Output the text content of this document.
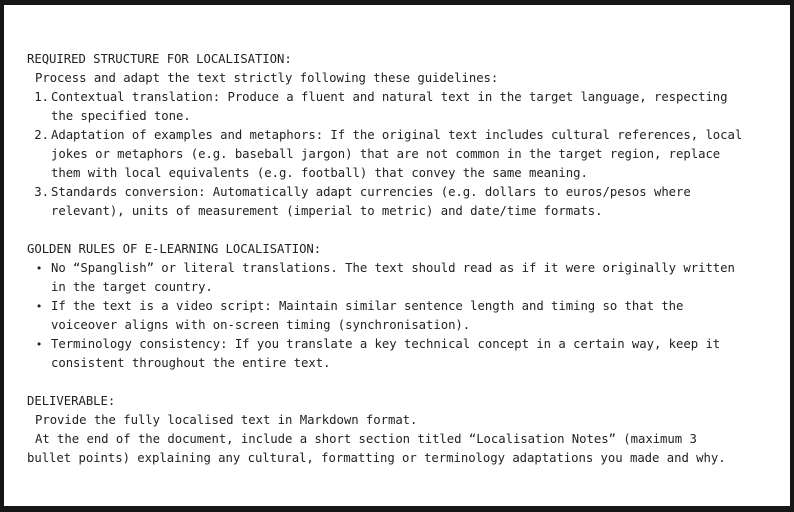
REQUIRED STRUCTURE FOR LOCALISATION:
Process and adapt the text strictly following these guidelines:
1. Contextual translation: Produce a fluent and natural text in the target language, respecting
the specified tone.
2. Adaptation of examples and metaphors: If the original text includes cultural references, local
jokes or metaphors (e.g. baseball jargon) that are not common in the target region, replace
them with local equivalents (e.g. football) that convey the same meaning.
3. Standards conversion: Automatically adapt currencies (e.g. dollars to euros/pesos where
relevant), units of measurement (imperial to metric) and date/time formats.
GOLDEN RULES OF E-LEARNING LOCALISATION:
• No “Spanglish” or literal translations. The text should read as if it were originally written
in the target country.
• If the text is a video script: Maintain similar sentence length and timing so that the
voiceover aligns with on-screen timing (synchronisation).
• Terminology consistency: If you translate a key technical concept in a certain way, keep it
consistent throughout the entire text.
DELIVERABLE:
Provide the fully localised text in Markdown format.
At the end of the document, include a short section titled “Localisation Notes” (maximum 3
bullet points) explaining any cultural, formatting or terminology adaptations you made and why.
